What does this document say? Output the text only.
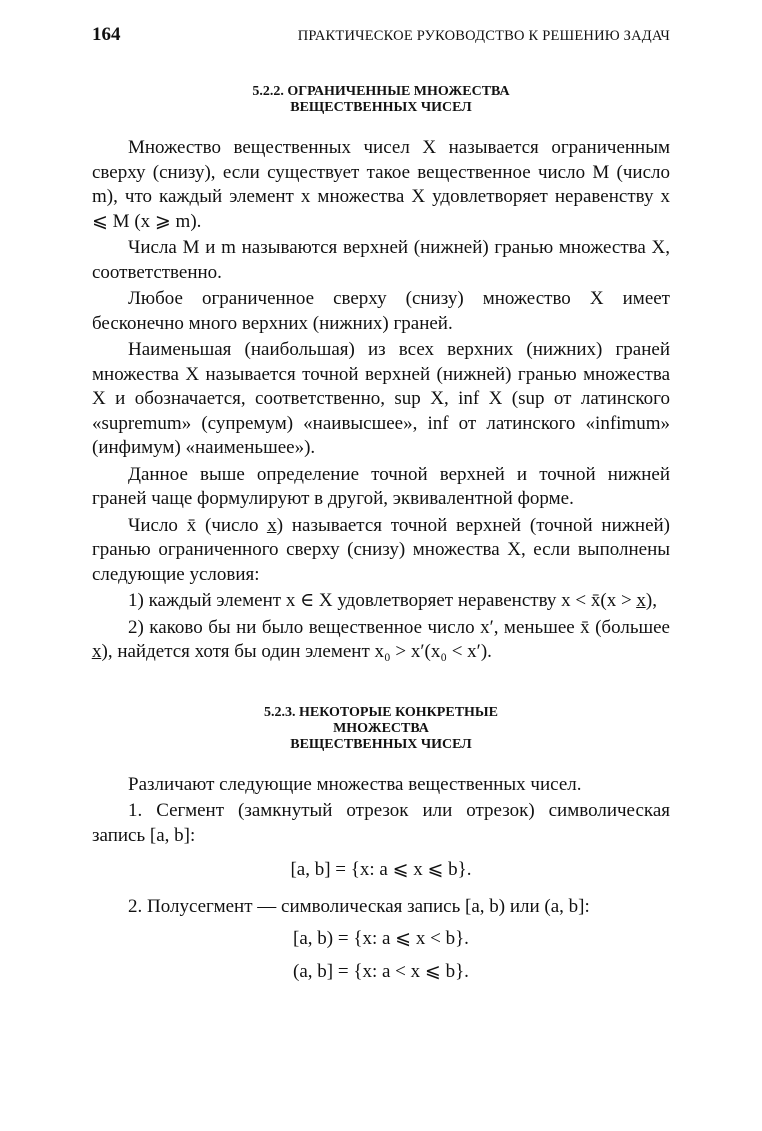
164	ПРАКТИЧЕСКОЕ РУКОВОДСТВО К РЕШЕНИЮ ЗАДАЧ
5.2.2. ОГРАНИЧЕННЫЕ МНОЖЕСТВА
ВЕЩЕСТВЕННЫХ ЧИСЕЛ

Множество вещественных чисел X называется ограниченным сверху (снизу), если существует такое вещественное число M (число m), что каждый элемент x множества X удовлетворяет неравенству x ⩽ M (x ⩾ m).

Числа M и m называются верхней (нижней) гранью множества X, соответственно.

Любое ограниченное сверху (снизу) множество X имеет бесконечно много верхних (нижних) граней.

Наименьшая (наибольшая) из всех верхних (нижних) граней множества X называется точной верхней (нижней) гранью множества X и обозначается, соответственно, sup X, inf X (sup от латинского «supremum» (супремум) «наивысшее», inf от латинского «infimum» (инфимум) «наименьшее»).

Данное выше определение точной верхней и точной нижней граней чаще формулируют в другой, эквивалентной форме.

Число x̄ (число x̲) называется точной верхней (точной нижней) гранью ограниченного сверху (снизу) множества X, если выполнены следующие условия:

1) каждый элемент x ∈ X удовлетворяет неравенству x < x̄(x > x̲),

2) каково бы ни было вещественное число x′, меньшее x̄ (большее x̲), найдется хотя бы один элемент x₀ > x′(x₀ < x′).

5.2.3. НЕКОТОРЫЕ КОНКРЕТНЫЕ
МНОЖЕСТВА
ВЕЩЕСТВЕННЫХ ЧИСЕЛ

Различают следующие множества вещественных чисел.

1. Сегмент (замкнутый отрезок или отрезок) символическая запись [a, b]:

[a, b] = {x: a ⩽ x ⩽ b}.

2. Полусегмент — символическая запись [a, b) или (a, b]:

[a, b) = {x: a ⩽ x < b}.
(a, b] = {x: a < x ⩽ b}.
